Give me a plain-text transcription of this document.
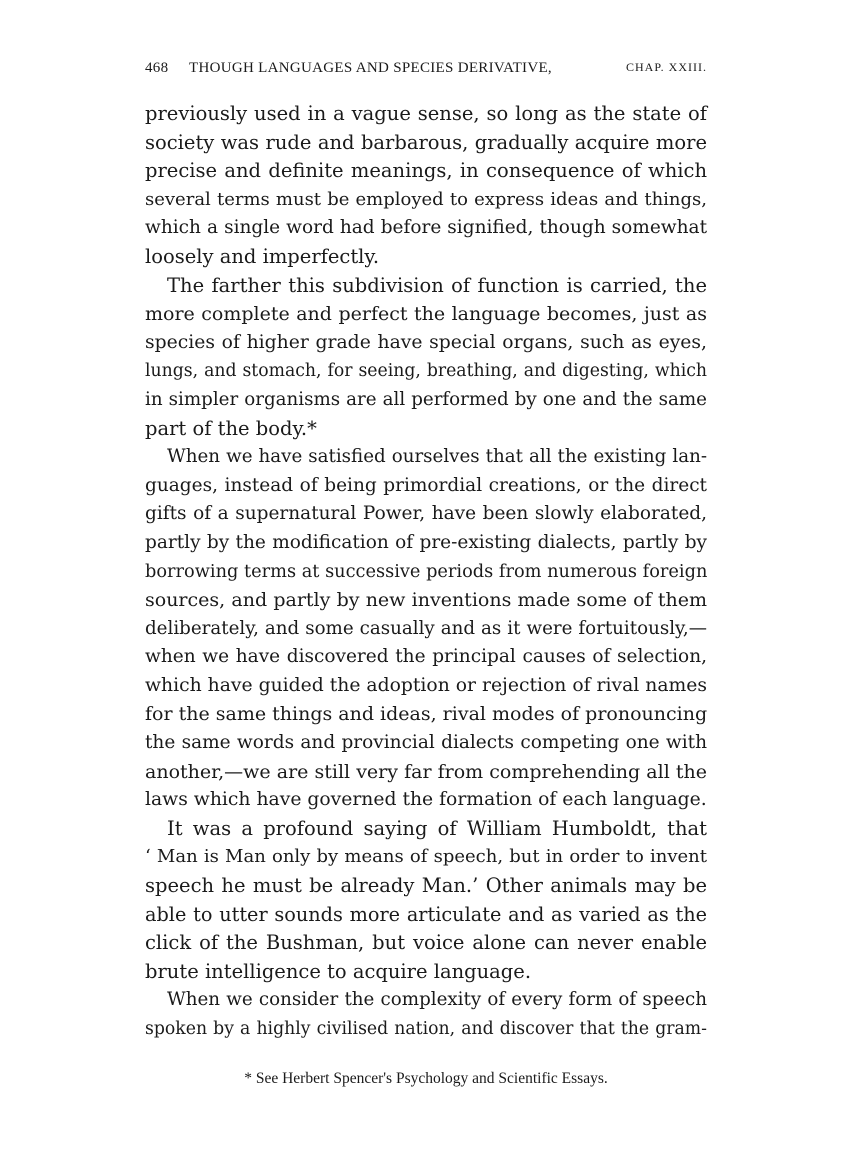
468 THOUGH LANGUAGES AND SPECIES DERIVATIVE,	CHAP. XXIII.
previously used in a vague sense, so long as the state of
society was rude and barbarous, gradually acquire more
precise and definite meanings, in consequence of which
several terms must be employed to express ideas and things,
which a single word had before signified, though somewhat
loosely and imperfectly.
The farther this subdivision of function is carried, the
more complete and perfect the language becomes, just as
species of higher grade have special organs, such as eyes,
lungs, and stomach, for seeing, breathing, and digesting, which
in simpler organisms are all performed by one and the same
part of the body.*
When we have satisfied ourselves that all the existing lan-
guages, instead of being primordial creations, or the direct
gifts of a supernatural Power, have been slowly elaborated,
partly by the modification of pre-existing dialects, partly by
borrowing terms at successive periods from numerous foreign
sources, and partly by new inventions made some of them
deliberately, and some casually and as it were fortuitously,—
when we have discovered the principal causes of selection,
which have guided the adoption or rejection of rival names
for the same things and ideas, rival modes of pronouncing
the same words and provincial dialects competing one with
another,—we are still very far from comprehending all the
laws which have governed the formation of each language.
It was a profound saying of William Humboldt, that
‘ Man is Man only by means of speech, but in order to invent
speech he must be already Man.’ Other animals may be
able to utter sounds more articulate and as varied as the
click of the Bushman, but voice alone can never enable
brute intelligence to acquire language.
When we consider the complexity of every form of speech
spoken by a highly civilised nation, and discover that the gram-
* See Herbert Spencer's Psychology and Scientific Essays.
